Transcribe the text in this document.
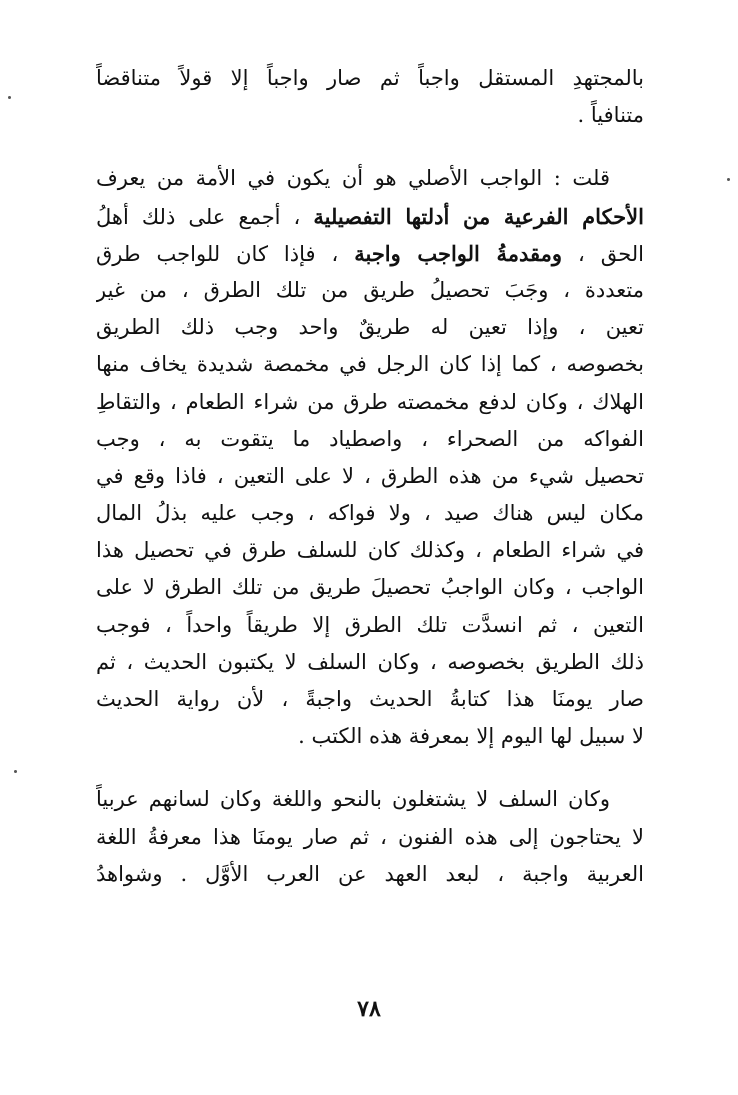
بالمجتهدِ المستقل واجباً ثم صار واجباً إلا قولاً متناقضاً
متنافياً .
قلت : الواجب الأصلي هو أن يكون في الأمة من يعرف
الأحكام الفرعية من أدلتها التفصيلية ، أجمع على ذلك أهلُ
الحق ، ومقدمةُ الواجب واجبة ، فإذا كان للواجب طرق
متعددة ، وجَبَ تحصيلُ طريق من تلك الطرق ، من غير
تعين ، وإذا تعين له طريقٌ واحد وجب ذلك الطريق
بخصوصه ، كما إذا كان الرجل في مخمصة شديدة يخاف منها
الهلاك ، وكان لدفع مخمصته طرق من شراء الطعام ، والتقاطِ
الفواكه من الصحراء ، واصطياد ما يتقوت به ، وجب
تحصيل شيء من هذه الطرق ، لا على التعين ، فاذا وقع في
مكان ليس هناك صيد ، ولا فواكه ، وجب عليه بذلُ المال
في شراء الطعام ، وكذلك كان للسلف طرق في تحصيل هذا
الواجب ، وكان الواجبُ تحصيلَ طريق من تلك الطرق لا على
التعين ، ثم انسدَّت تلك الطرق إلا طريقاً واحداً ، فوجب
ذلك الطريق بخصوصه ، وكان السلف لا يكتبون الحديث ، ثم
صار يومنَا هذا كتابةُ الحديث واجبةً ، لأن رواية الحديث
لا سبيل لها اليوم إلا بمعرفة هذه الكتب .
وكان السلف لا يشتغلون بالنحو واللغة وكان لسانهم عربياً
لا يحتاجون إلى هذه الفنون ، ثم صار يومنَا هذا معرفةُ اللغة
العربية واجبة ، لبعد العهد عن العرب الأوَّل . وشواهدُ
٧٨
